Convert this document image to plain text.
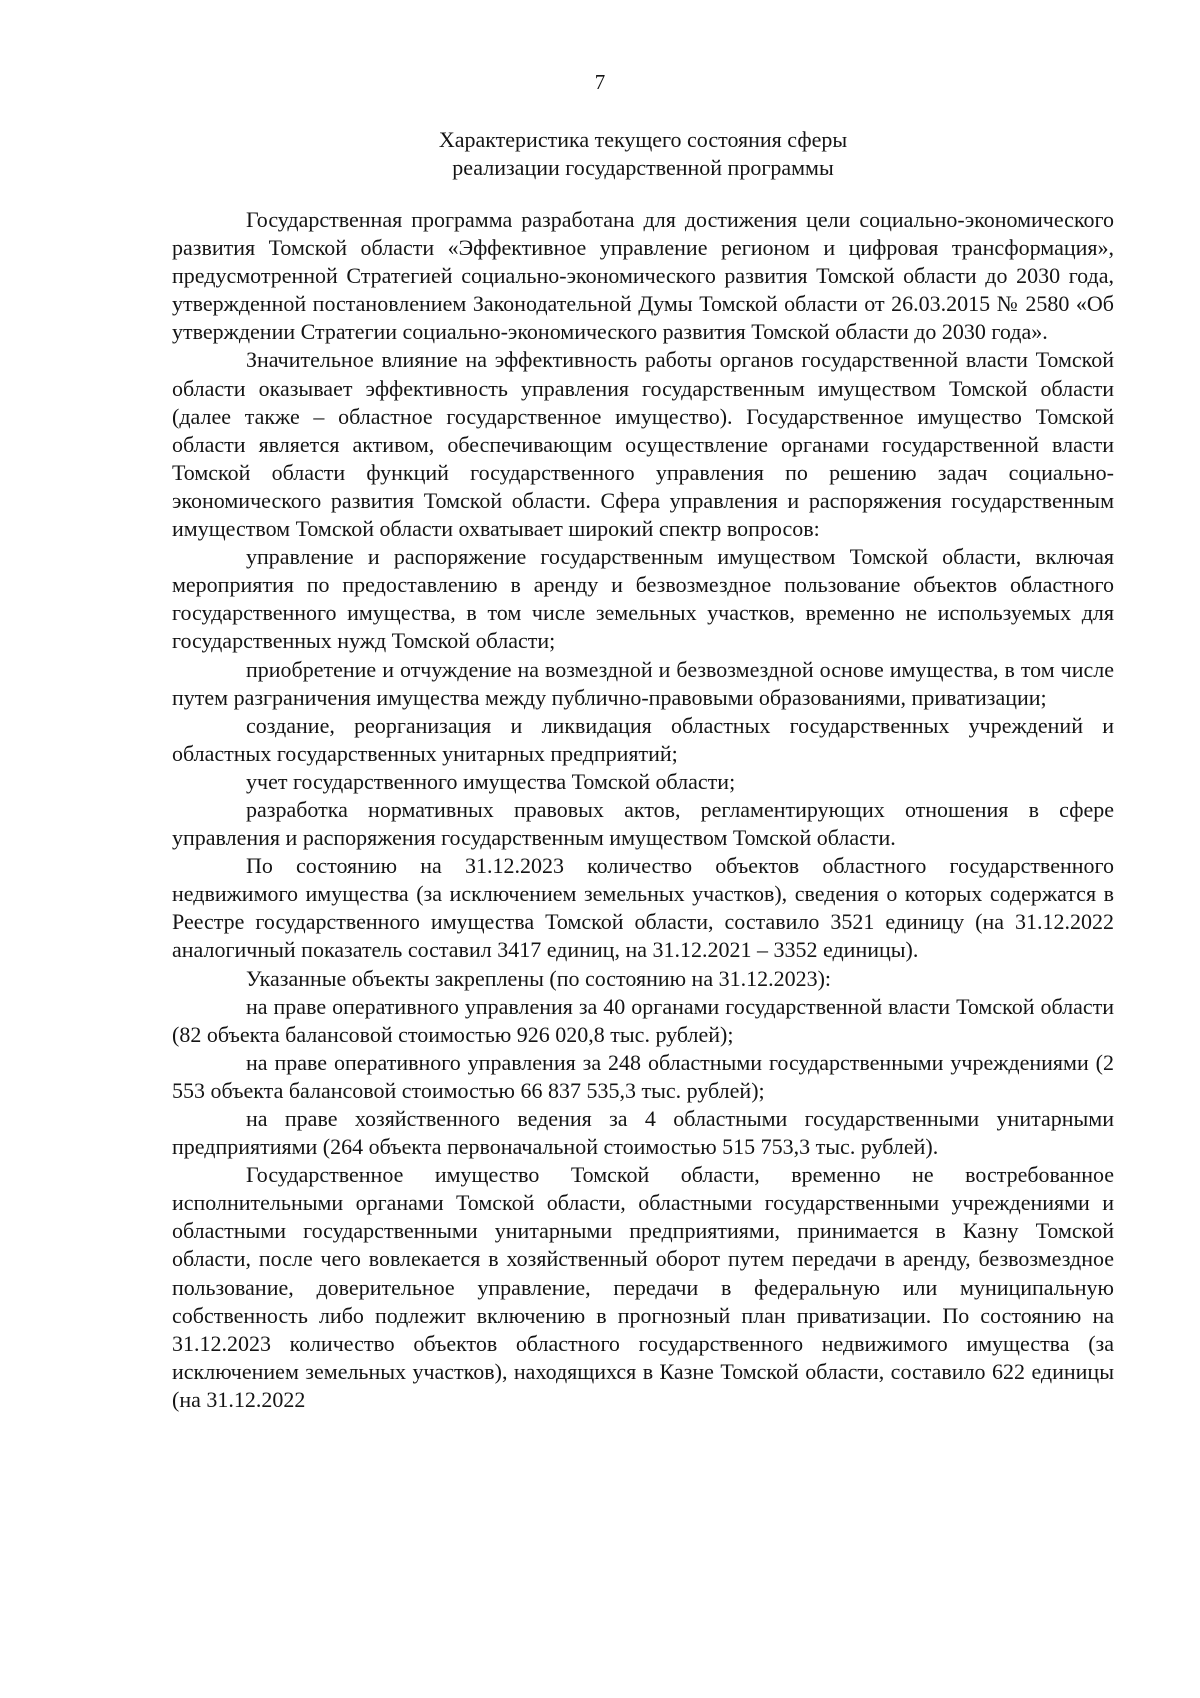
7
Характеристика текущего состояния сферы
реализации государственной программы

Государственная программа разработана для достижения цели социально-экономического развития Томской области «Эффективное управление регионом и цифровая трансформация», предусмотренной Стратегией социально-экономического развития Томской области до 2030 года, утвержденной постановлением Законодательной Думы Томской области от 26.03.2015 № 2580 «Об утверждении Стратегии социально-экономического развития Томской области до 2030 года».

Значительное влияние на эффективность работы органов государственной власти Томской области оказывает эффективность управления государственным имуществом Томской области (далее также – областное государственное имущество). Государственное имущество Томской области является активом, обеспечивающим осуществление органами государственной власти Томской области функций государственного управления по решению задач социально-экономического развития Томской области. Сфера управления и распоряжения государственным имуществом Томской области охватывает широкий спектр вопросов:

управление и распоряжение государственным имуществом Томской области, включая мероприятия по предоставлению в аренду и безвозмездное пользование объектов областного государственного имущества, в том числе земельных участков, временно не используемых для государственных нужд Томской области;

приобретение и отчуждение на возмездной и безвозмездной основе имущества, в том числе путем разграничения имущества между публично-правовыми образованиями, приватизации;

создание, реорганизация и ликвидация областных государственных учреждений и областных государственных унитарных предприятий;

учет государственного имущества Томской области;

разработка нормативных правовых актов, регламентирующих отношения в сфере управления и распоряжения государственным имуществом Томской области.

По состоянию на 31.12.2023 количество объектов областного государственного недвижимого имущества (за исключением земельных участков), сведения о которых содержатся в Реестре государственного имущества Томской области, составило 3521 единицу (на 31.12.2022 аналогичный показатель составил 3417 единиц, на 31.12.2021 – 3352 единицы).

Указанные объекты закреплены (по состоянию на 31.12.2023):

на праве оперативного управления за 40 органами государственной власти Томской области (82 объекта балансовой стоимостью 926 020,8 тыс. рублей);

на праве оперативного управления за 248 областными государственными учреждениями (2 553 объекта балансовой стоимостью 66 837 535,3 тыс. рублей);

на праве хозяйственного ведения за 4 областными государственными унитарными предприятиями (264 объекта первоначальной стоимостью 515 753,3 тыс. рублей).

Государственное имущество Томской области, временно не востребованное исполнительными органами Томской области, областными государственными учреждениями и областными государственными унитарными предприятиями, принимается в Казну Томской области, после чего вовлекается в хозяйственный оборот путем передачи в аренду, безвозмездное пользование, доверительное управление, передачи в федеральную или муниципальную собственность либо подлежит включению в прогнозный план приватизации. По состоянию на 31.12.2023 количество объектов областного государственного недвижимого имущества (за исключением земельных участков), находящихся в Казне Томской области, составило 622 единицы (на 31.12.2022
